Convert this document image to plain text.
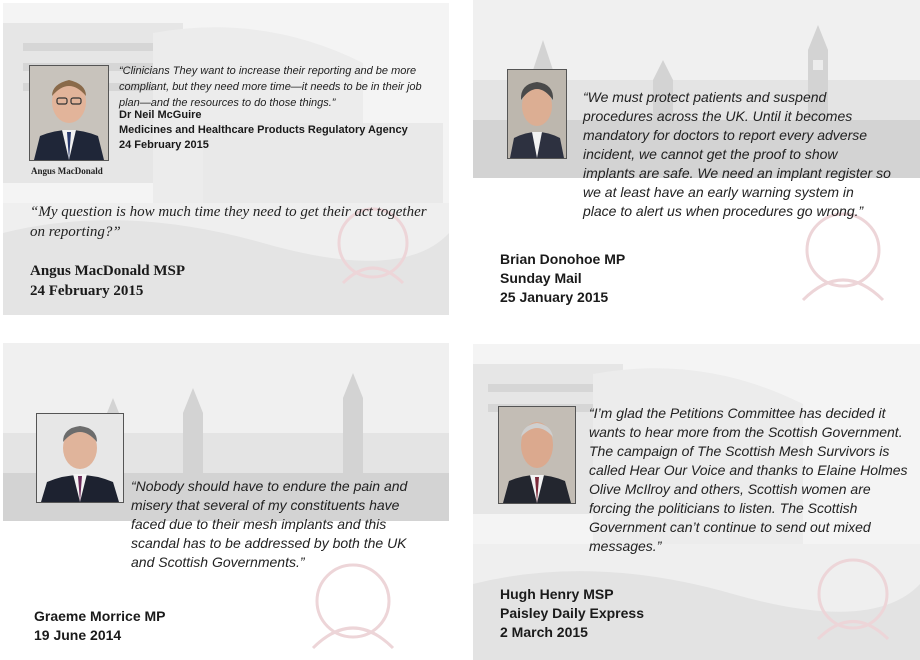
Angus MacDonald
“Clinicians They want to increase their reporting and be more compliant, but they need more time—it needs to be in their job plan—and the resources to do those things.”
Dr Neil McGuire
Medicines and Healthcare Products Regulatory Agency
24 February 2015
“My question is how much time they need to get their act together on reporting?”
Angus MacDonald MSP
24 February 2015
“We must protect patients and suspend procedures across the UK. Until it becomes mandatory for doctors to report every adverse incident, we cannot get the proof to show implants are safe. We need an implant register so we at least have an early warning system in place to alert us when procedures go wrong.”
Brian Donohoe MP
Sunday Mail
25 January 2015
“Nobody should have to endure the pain and misery that several of my constituents have faced due to their mesh implants and this scandal has to be addressed by both the UK and Scottish Governments.”
Graeme Morrice MP
19 June 2014
“I’m glad the Petitions Committee has decided it wants to hear more from the Scottish Government. The campaign of The Scottish Mesh Survivors is called Hear Our Voice and thanks to Elaine Holmes Olive McIlroy and others, Scottish women are forcing the politicians to listen. The Scottish Government can’t continue to send out mixed messages.”
Hugh Henry MSP
Paisley Daily Express
2 March 2015
